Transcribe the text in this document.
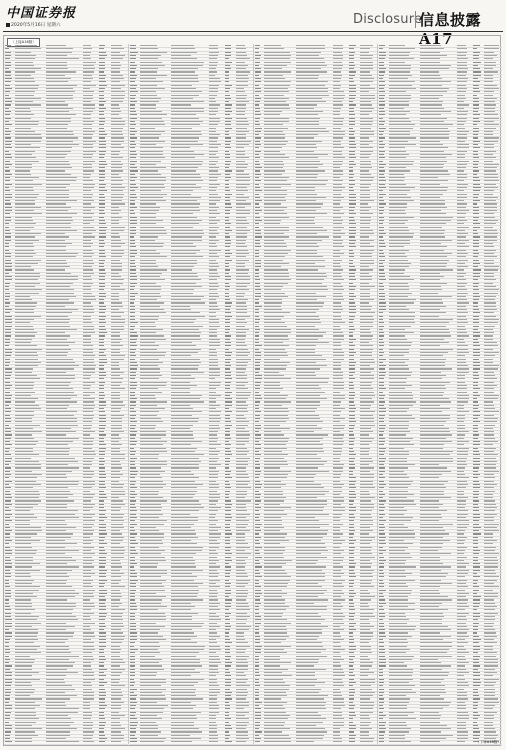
中国证券报
2020年5月16日 星期六	Disclosure
信息披露 A17
（上接A16版）
（下转A18版）
